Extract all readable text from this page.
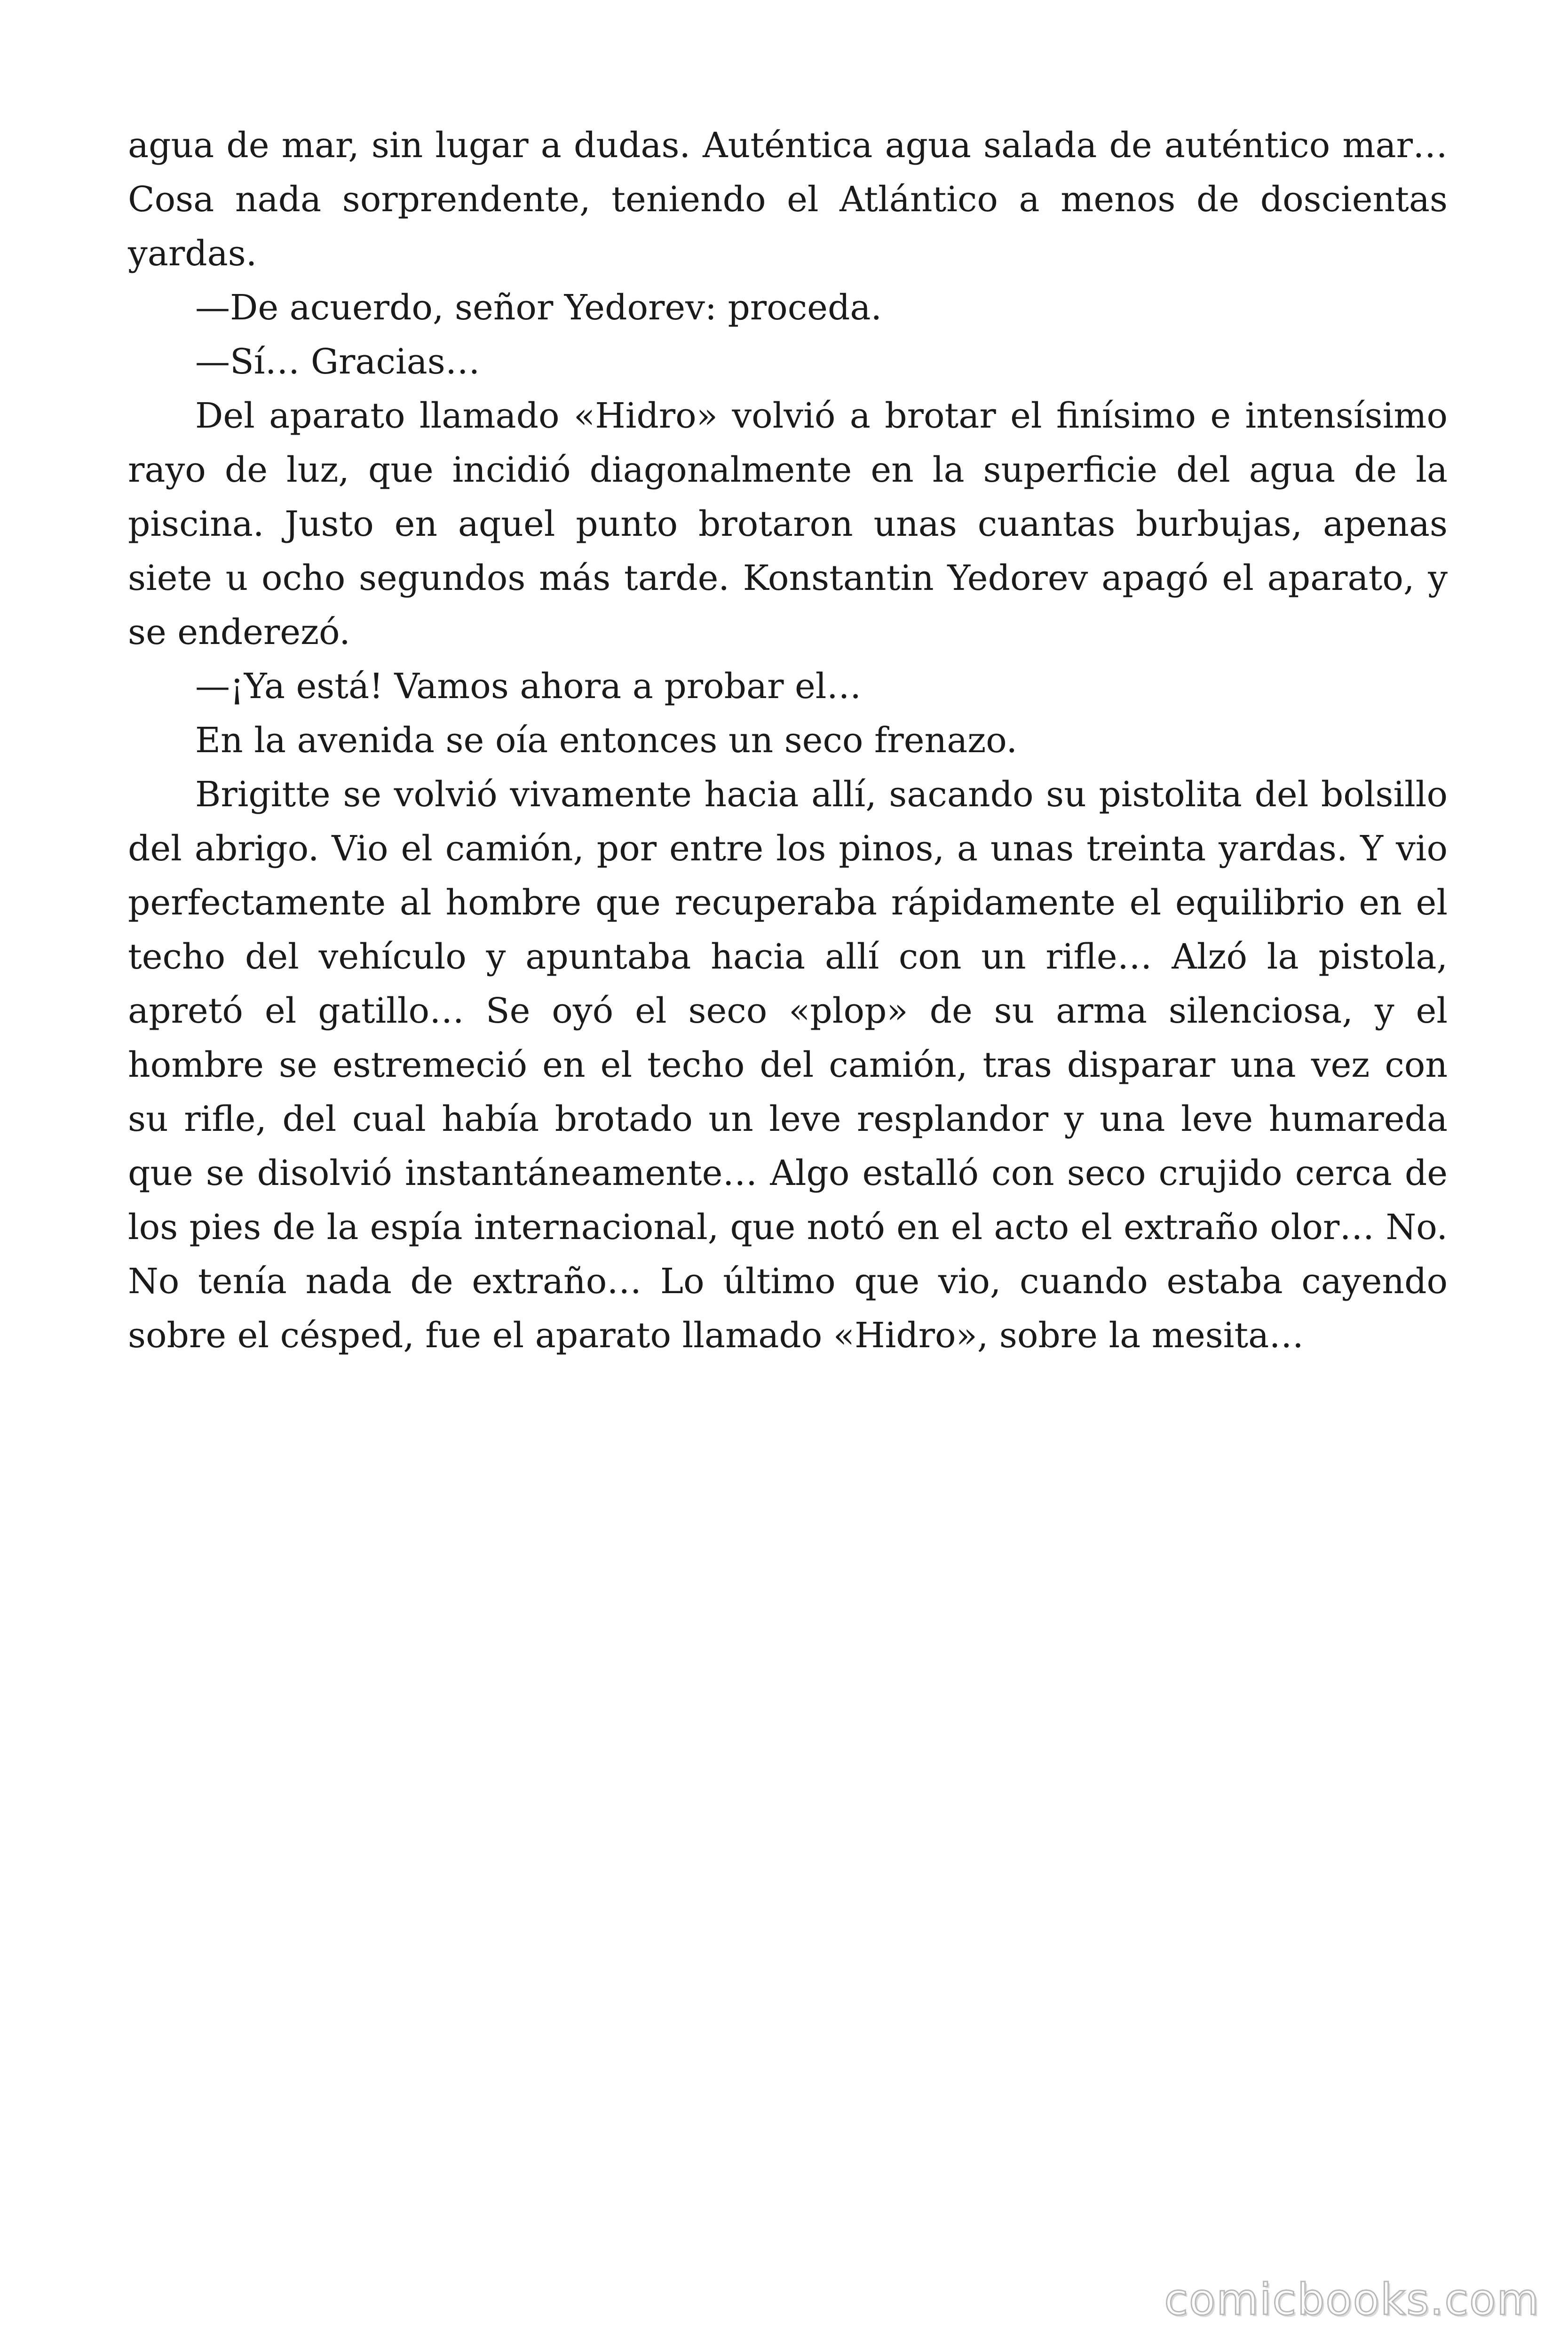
agua de mar, sin lugar a dudas. Auténtica agua salada de auténtico mar… Cosa nada sorprendente, teniendo el Atlántico a menos de doscientas yardas.

—De acuerdo, señor Yedorev: proceda.

—Sí… Gracias…

Del aparato llamado «Hidro» volvió a brotar el finísimo e intensísimo rayo de luz, que incidió diagonalmente en la superficie del agua de la piscina. Justo en aquel punto brotaron unas cuantas burbujas, apenas siete u ocho segundos más tarde. Konstantin Yedorev apagó el aparato, y se enderezó.

—¡Ya está! Vamos ahora a probar el…

En la avenida se oía entonces un seco frenazo.

Brigitte se volvió vivamente hacia allí, sacando su pistolita del bolsillo del abrigo. Vio el camión, por entre los pinos, a unas treinta yardas. Y vio perfectamente al hombre que recuperaba rápidamente el equilibrio en el techo del vehículo y apuntaba hacia allí con un rifle… Alzó la pistola, apretó el gatillo… Se oyó el seco «plop» de su arma silenciosa, y el hombre se estremeció en el techo del camión, tras disparar una vez con su rifle, del cual había brotado un leve resplandor y una leve humareda que se disolvió instantáneamente… Algo estalló con seco crujido cerca de los pies de la espía internacional, que notó en el acto el extraño olor… No. No tenía nada de extraño… Lo último que vio, cuando estaba cayendo sobre el césped, fue el aparato llamado «Hidro», sobre la mesita…

comicbooks.com
